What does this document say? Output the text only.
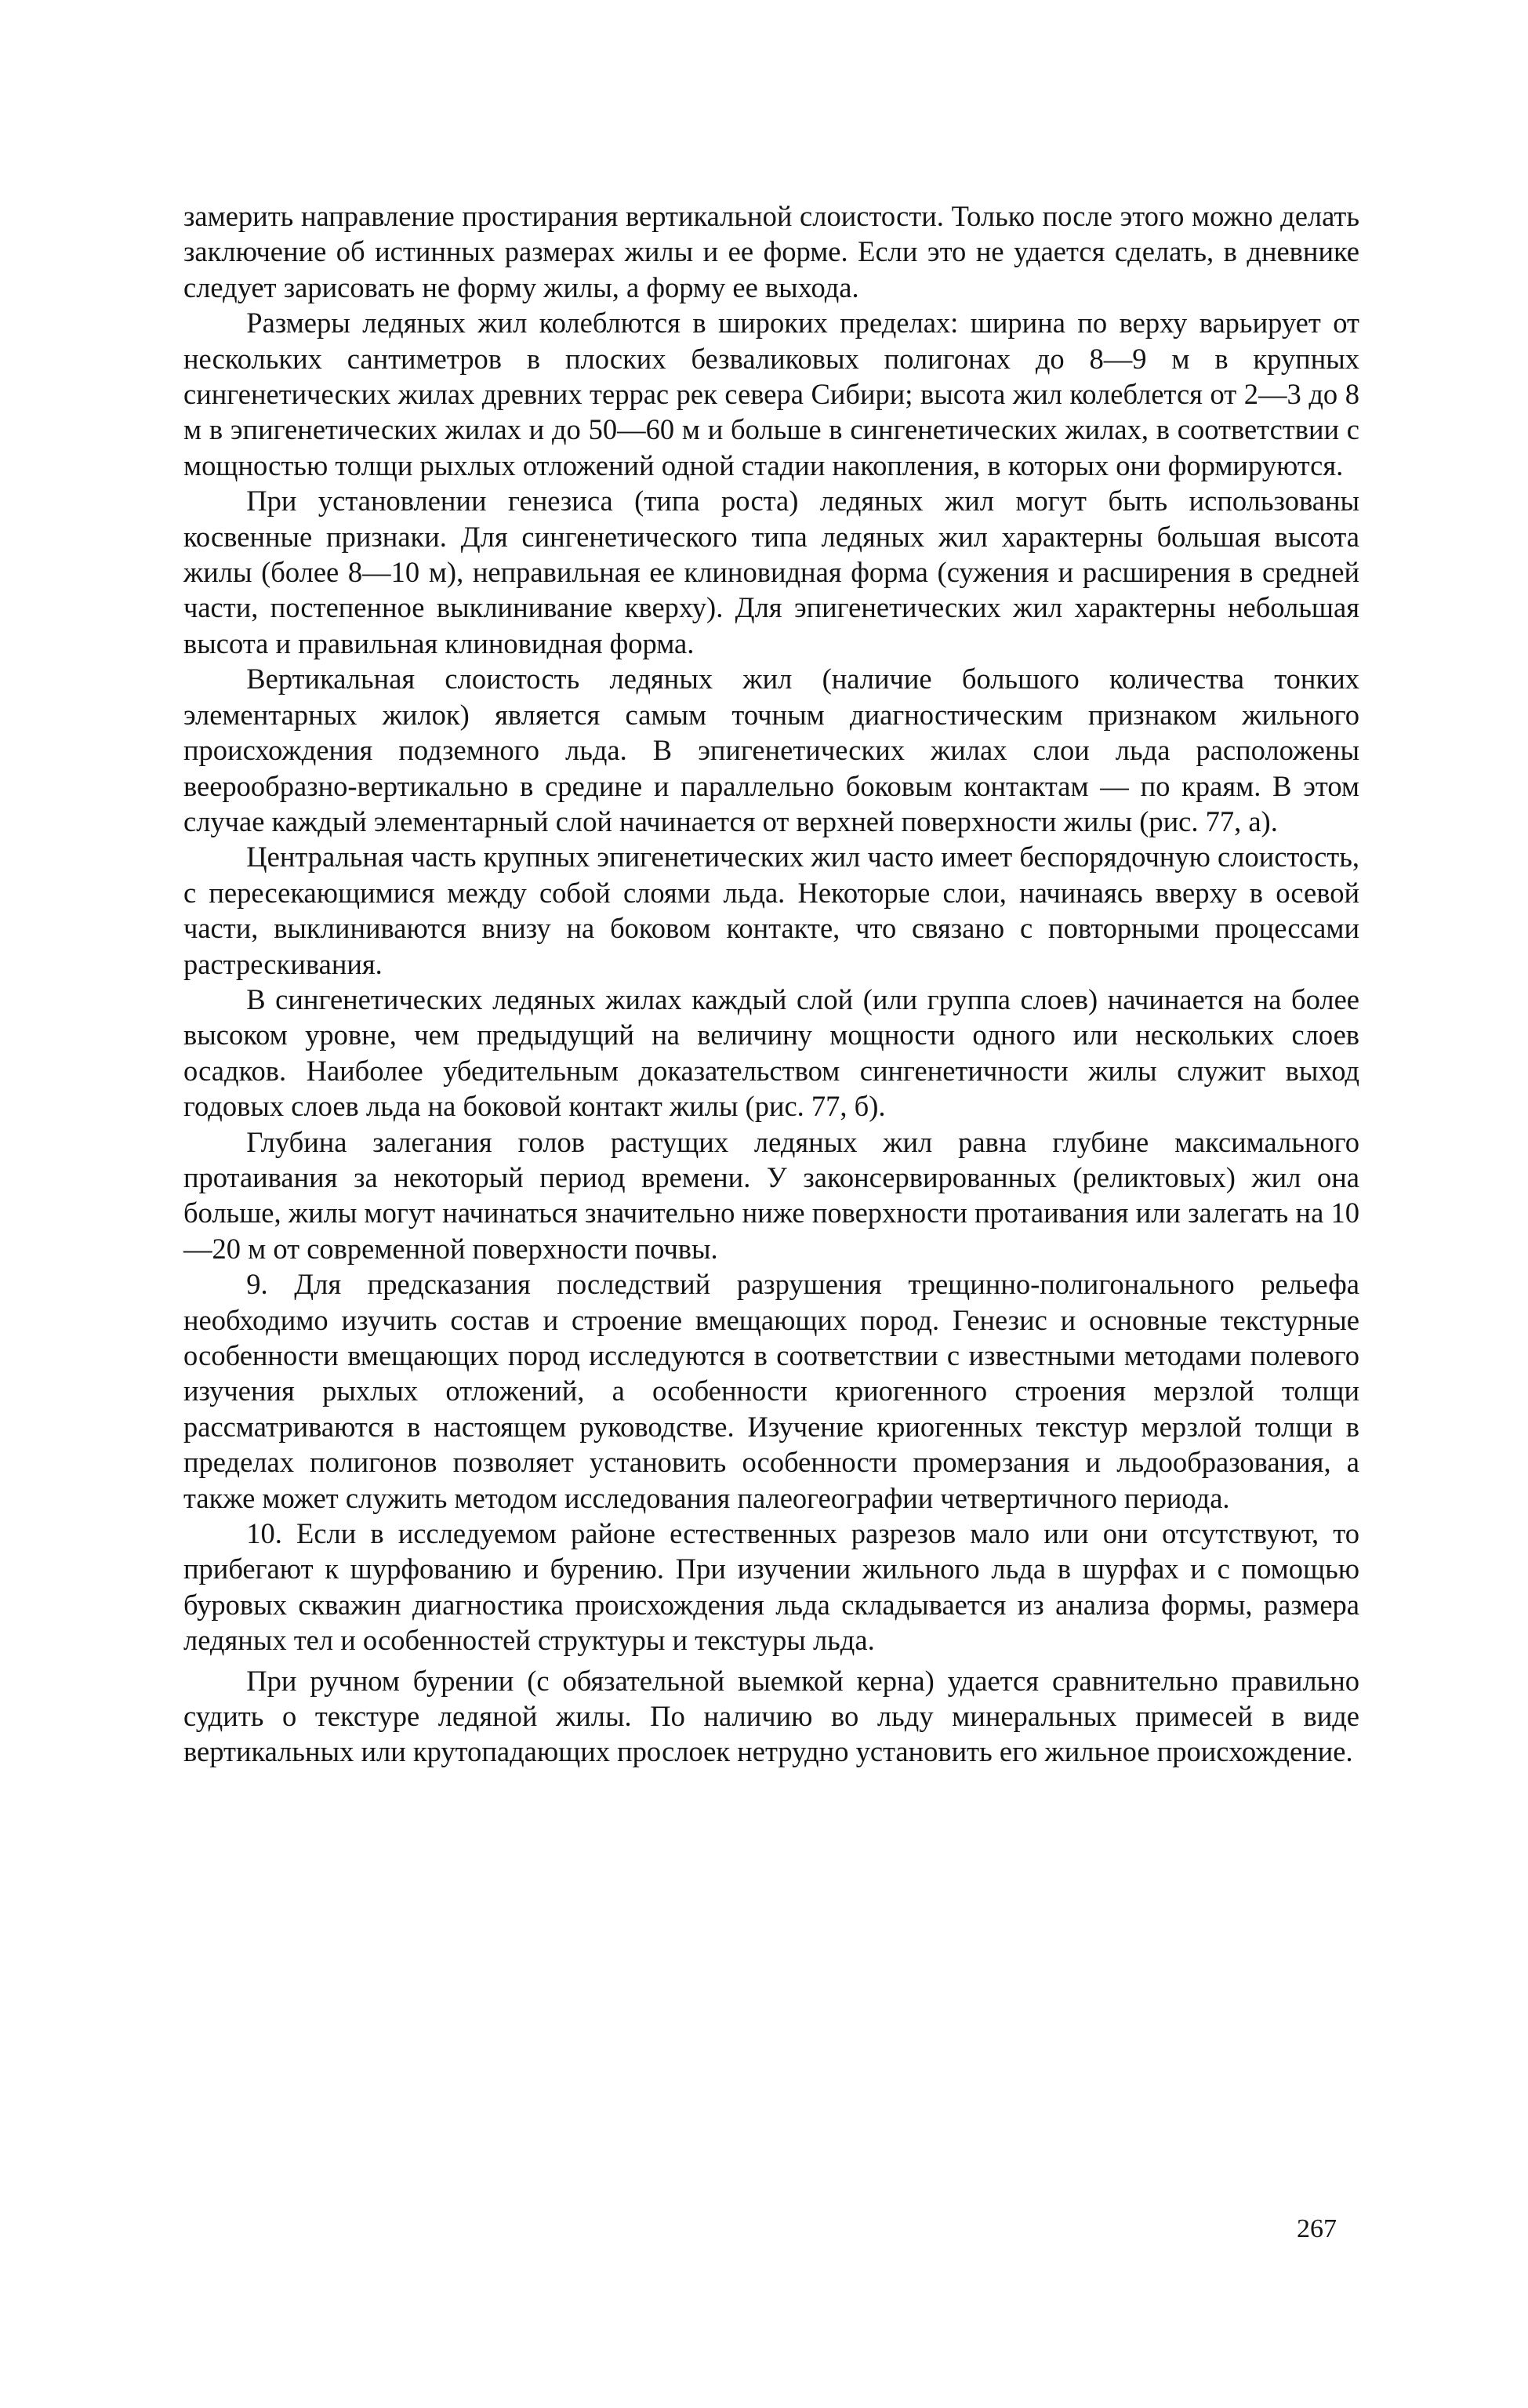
замерить направление простирания вертикальной слоистости. Только после этого можно делать заключение об истинных размерах жилы и ее форме. Если это не удается сделать, в дневнике следует зарисовать не форму жилы, а форму ее выхода.

Размеры ледяных жил колеблются в широких пределах: ширина по верху варьирует от нескольких сантиметров в плоских безваликовых полигонах до 8—9 м в крупных сингенетических жилах древних террас рек севера Сибири; высота жил колеблется от 2—3 до 8 м в эпигенетических жилах и до 50—60 м и больше в сингенетических жилах, в соответствии с мощностью толщи рыхлых отложений одной стадии накопления, в которых они формируются.

При установлении генезиса (типа роста) ледяных жил могут быть использованы косвенные признаки. Для сингенетического типа ледяных жил характерны большая высота жилы (более 8—10 м), неправильная ее клиновидная форма (сужения и расширения в средней части, постепенное выклинивание кверху). Для эпигенетических жил характерны небольшая высота и правильная клиновидная форма.

Вертикальная слоистость ледяных жил (наличие большого количества тонких элементарных жилок) является самым точным диагностическим признаком жильного происхождения подземного льда. В эпигенетических жилах слои льда расположены веерообразно-вертикально в средине и параллельно боковым контактам — по краям. В этом случае каждый элементарный слой начинается от верхней поверхности жилы (рис. 77, а).

Центральная часть крупных эпигенетических жил часто имеет беспорядочную слоистость, с пересекающимися между собой слоями льда. Некоторые слои, начинаясь вверху в осевой части, выклиниваются внизу на боковом контакте, что связано с повторными процессами растрескивания.

В сингенетических ледяных жилах каждый слой (или группа слоев) начинается на более высоком уровне, чем предыдущий на величину мощности одного или нескольких слоев осадков. Наиболее убедительным доказательством сингенетичности жилы служит выход годовых слоев льда на боковой контакт жилы (рис. 77, б).

Глубина залегания голов растущих ледяных жил равна глубине максимального протаивания за некоторый период времени. У законсервированных (реликтовых) жил она больше, жилы могут начинаться значительно ниже поверхности протаивания или залегать на 10—20 м от современной поверхности почвы.

9. Для предсказания последствий разрушения трещинно-полигонального рельефа необходимо изучить состав и строение вмещающих пород. Генезис и основные текстурные особенности вмещающих пород исследуются в соответствии с известными методами полевого изучения рыхлых отложений, а особенности криогенного строения мерзлой толщи рассматриваются в настоящем руководстве. Изучение криогенных текстур мерзлой толщи в пределах полигонов позволяет установить особенности промерзания и льдообразования, а также может служить методом исследования палеогеографии четвертичного периода.

10. Если в исследуемом районе естественных разрезов мало или они отсутствуют, то прибегают к шурфованию и бурению. При изучении жильного льда в шурфах и с помощью буровых скважин диагностика происхождения льда складывается из анализа формы, размера ледяных тел и особенностей структуры и текстуры льда.

При ручном бурении (с обязательной выемкой керна) удается сравнительно правильно судить о текстуре ледяной жилы. По наличию во льду минеральных примесей в виде вертикальных или крутопадающих прослоек нетрудно установить его жильное происхождение.

267
